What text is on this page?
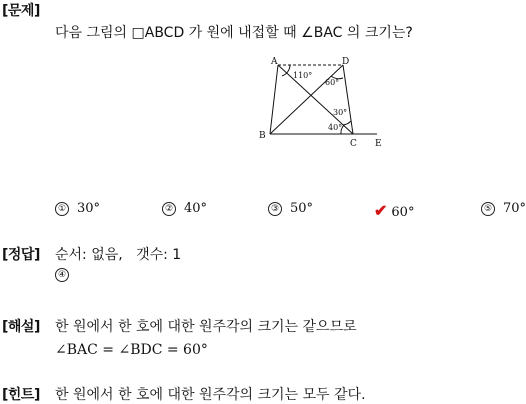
[문제]
다음 그림의 □ABCD 가 원에 내접할 때 ∠BAC 의 크기는?
A	D
B
C E
110°
60°
30°
40°
① 30°	② 40°	③ 50°	✔ 60°	⑤ 70°
[정답] 순서: 없음,   갯수: 1
④
[해설] 한 원에서 한 호에 대한 원주각의 크기는 같으므로
∠BAC = ∠BDC = 60°
[힌트] 한 원에서 한 호에 대한 원주각의 크기는 모두 같다.
